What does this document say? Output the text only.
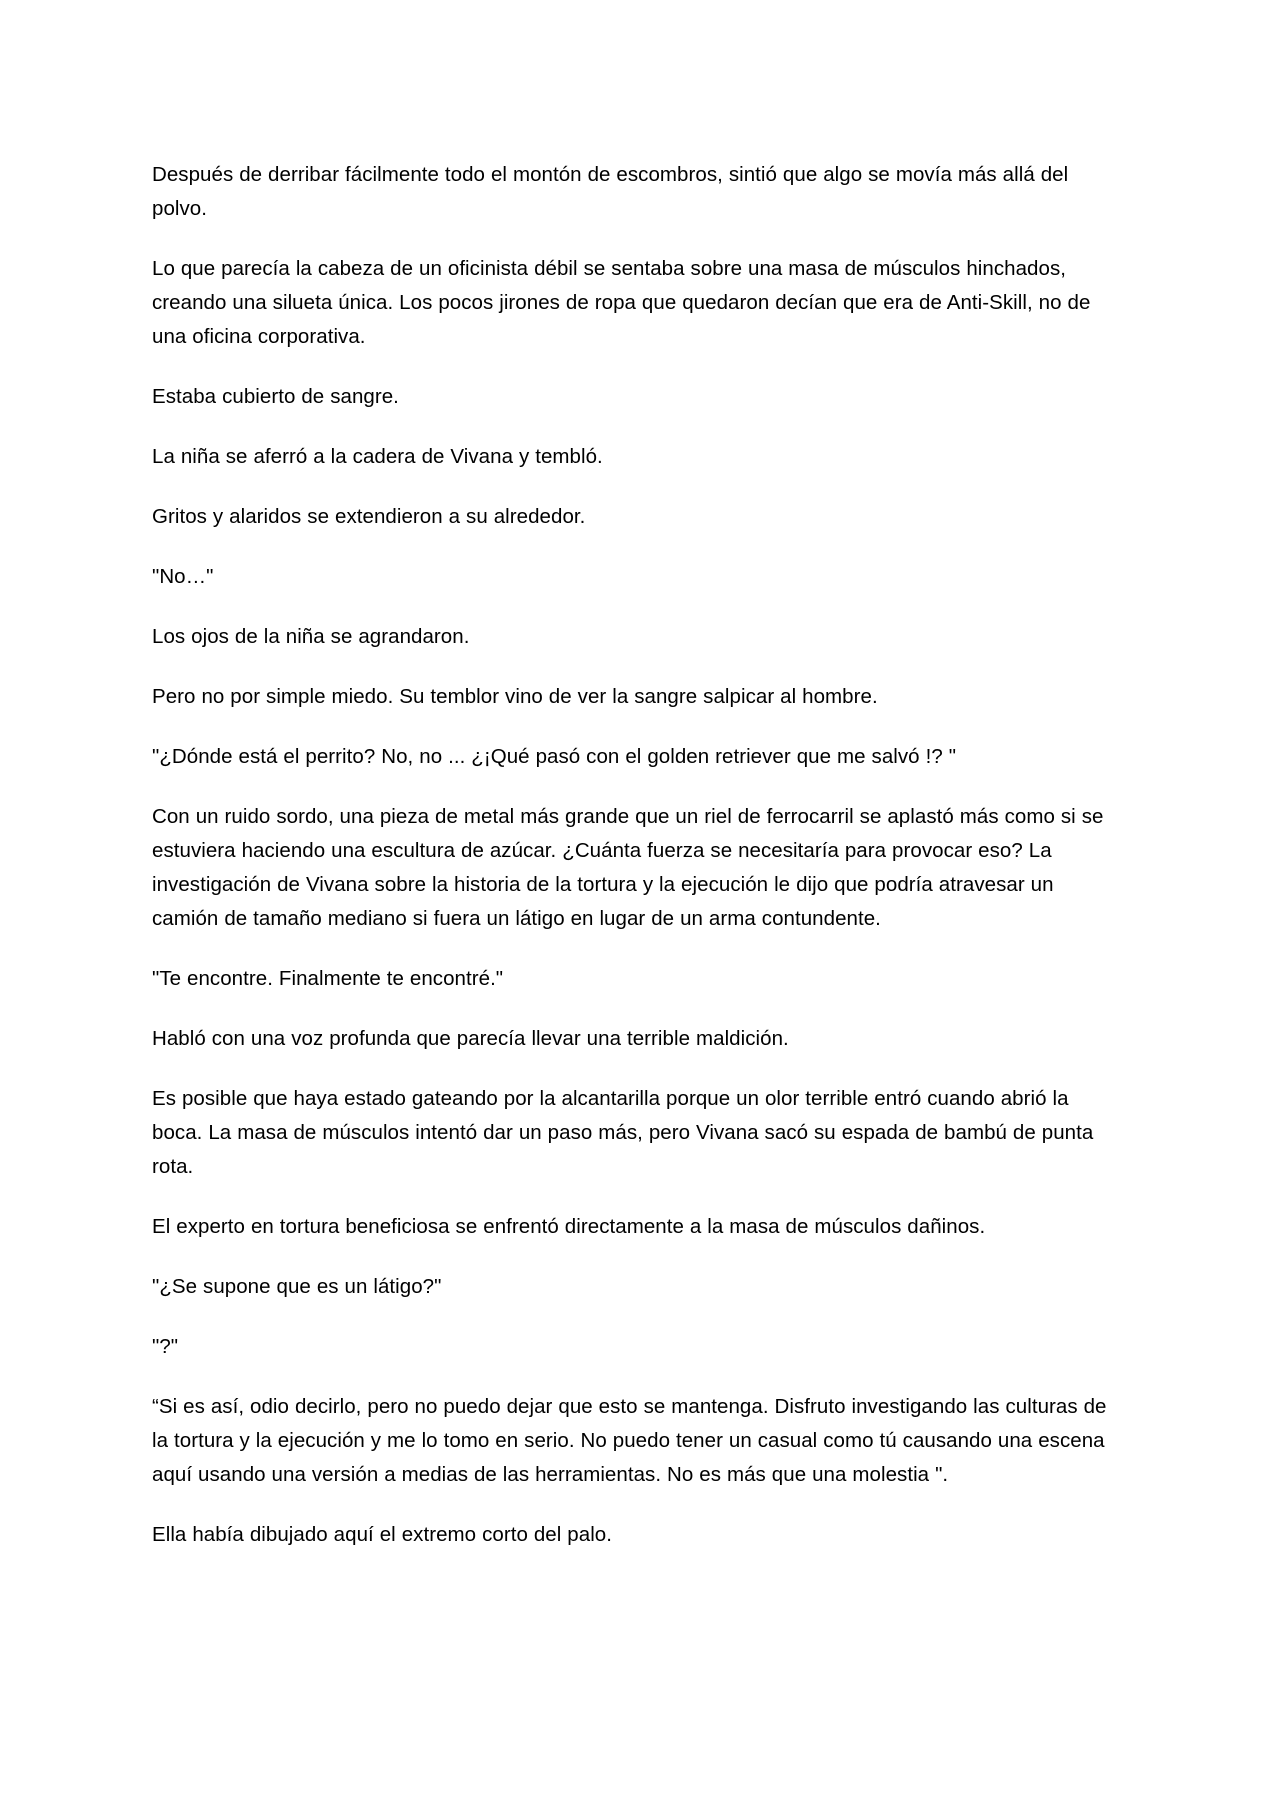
Después de derribar fácilmente todo el montón de escombros, sintió que algo se movía más allá del polvo.

Lo que parecía la cabeza de un oficinista débil se sentaba sobre una masa de músculos hinchados, creando una silueta única. Los pocos jirones de ropa que quedaron decían que era de Anti-Skill, no de una oficina corporativa.

Estaba cubierto de sangre.

La niña se aferró a la cadera de Vivana y tembló.

Gritos y alaridos se extendieron a su alrededor.

"No…"

Los ojos de la niña se agrandaron.

Pero no por simple miedo. Su temblor vino de ver la sangre salpicar al hombre.

"¿Dónde está el perrito? No, no ... ¿¡Qué pasó con el golden retriever que me salvó !? "

Con un ruido sordo, una pieza de metal más grande que un riel de ferrocarril se aplastó más como si se estuviera haciendo una escultura de azúcar. ¿Cuánta fuerza se necesitaría para provocar eso? La investigación de Vivana sobre la historia de la tortura y la ejecución le dijo que podría atravesar un camión de tamaño mediano si fuera un látigo en lugar de un arma contundente.

"Te encontre. Finalmente te encontré."

Habló con una voz profunda que parecía llevar una terrible maldición.

Es posible que haya estado gateando por la alcantarilla porque un olor terrible entró cuando abrió la boca. La masa de músculos intentó dar un paso más, pero Vivana sacó su espada de bambú de punta rota.

El experto en tortura beneficiosa se enfrentó directamente a la masa de músculos dañinos.

"¿Se supone que es un látigo?"

"?"

“Si es así, odio decirlo, pero no puedo dejar que esto se mantenga. Disfruto investigando las culturas de la tortura y la ejecución y me lo tomo en serio. No puedo tener un casual como tú causando una escena aquí usando una versión a medias de las herramientas. No es más que una molestia ".

Ella había dibujado aquí el extremo corto del palo.
